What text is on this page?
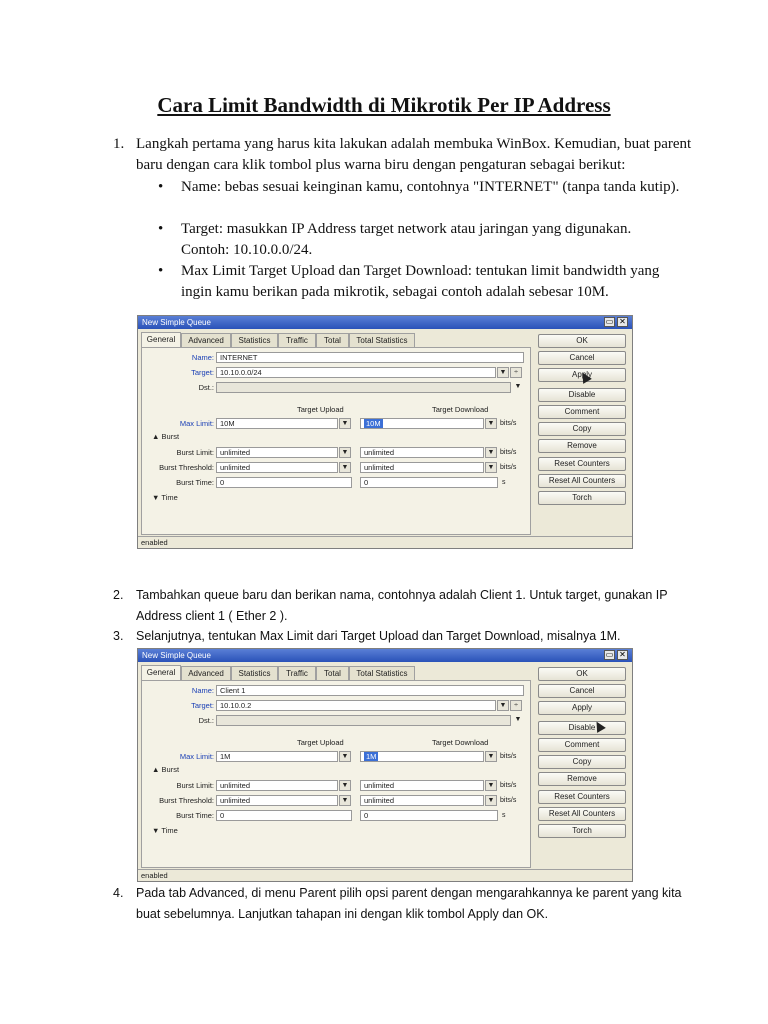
Cara Limit Bandwidth di Mikrotik Per IP Address
1. Langkah pertama yang harus kita lakukan adalah membuka WinBox. Kemudian, buat parent baru dengan cara klik tombol plus warna biru dengan pengaturan sebagai berikut:
• Name: bebas sesuai keinginan kamu, contohnya "INTERNET" (tanpa tanda kutip).
• Target: masukkan IP Address target network atau jaringan yang digunakan. Contoh: 10.10.0.0/24.
• Max Limit Target Upload dan Target Download: tentukan limit bandwidth yang ingin kamu berikan pada mikrotik, sebagai contoh adalah sebesar 10M.
New Simple Queue	▭ ✕
General	Advanced	Statistics	Traffic	Total	Total Statistics
Name: INTERNET
Target: 10.10.0.0/24	▼	÷
Dst.:	▼
Target Upload	Target Download
Max Limit: 10M	▼	10M	▼ bits/s
▲ Burst
Burst Limit: unlimited	▼	unlimited	▼ bits/s
Burst Threshold: unlimited	▼	unlimited	▼ bits/s
Burst Time: 0	0	s
▼ Time
OK
Cancel
Apply
Disable
Comment
Copy
Remove
Reset Counters
Reset All Counters
Torch
enabled
2. Tambahkan queue baru dan berikan nama, contohnya adalah Client 1. Untuk target, gunakan IP Address client 1 ( Ether 2 ).
3. Selanjutnya, tentukan Max Limit dari Target Upload dan Target Download, misalnya 1M.
New Simple Queue	▭ ✕
General	Advanced	Statistics	Traffic	Total	Total Statistics
Name: Client 1
Target: 10.10.0.2	▼	÷
Dst.:	▼
Target Upload	Target Download
Max Limit: 1M	▼	1M	▼ bits/s
▲ Burst
Burst Limit: unlimited	▼	unlimited	▼ bits/s
Burst Threshold: unlimited	▼	unlimited	▼ bits/s
Burst Time: 0	0	s
▼ Time
OK
Cancel
Apply
Disable
Comment
Copy
Remove
Reset Counters
Reset All Counters
Torch
enabled
4. Pada tab Advanced, di menu Parent pilih opsi parent dengan mengarahkannya ke parent yang kita buat sebelumnya. Lanjutkan tahapan ini dengan klik tombol Apply dan OK.
